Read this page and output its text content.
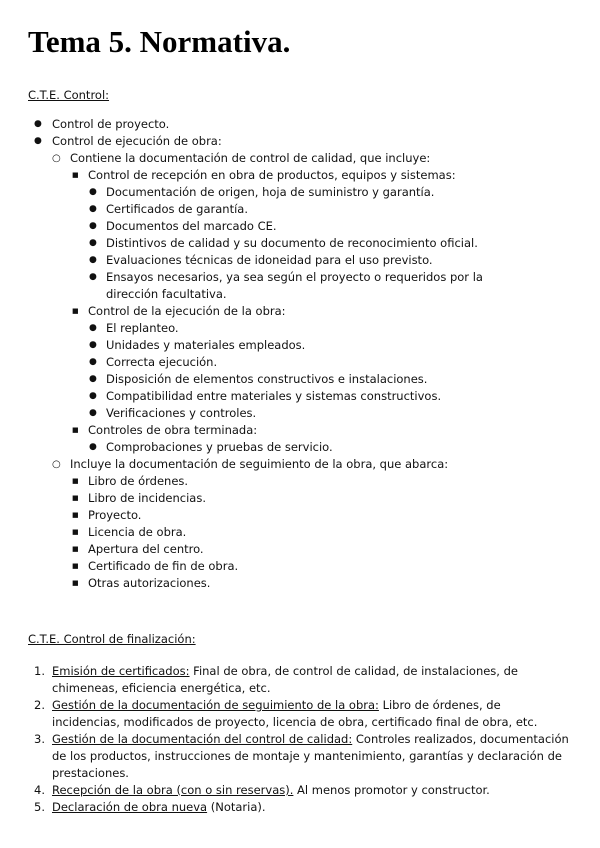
Tema 5. Normativa.

C.T.E. Control:

● Control de proyecto.
● Control de ejecución de obra:
○ Contiene la documentación de control de calidad, que incluye:
■ Control de recepción en obra de productos, equipos y sistemas:
● Documentación de origen, hoja de suministro y garantía.
● Certificados de garantía.
● Documentos del marcado CE.
● Distintivos de calidad y su documento de reconocimiento oficial.
● Evaluaciones técnicas de idoneidad para el uso previsto.
● Ensayos necesarios, ya sea según el proyecto o requeridos por la dirección facultativa.
■ Control de la ejecución de la obra:
● El replanteo.
● Unidades y materiales empleados.
● Correcta ejecución.
● Disposición de elementos constructivos e instalaciones.
● Compatibilidad entre materiales y sistemas constructivos.
● Verificaciones y controles.
■ Controles de obra terminada:
● Comprobaciones y pruebas de servicio.
○ Incluye la documentación de seguimiento de la obra, que abarca:
■ Libro de órdenes.
■ Libro de incidencias.
■ Proyecto.
■ Licencia de obra.
■ Apertura del centro.
■ Certificado de fin de obra.
■ Otras autorizaciones.

C.T.E. Control de finalización:

1. Emisión de certificados: Final de obra, de control de calidad, de instalaciones, de chimeneas, eficiencia energética, etc.
2. Gestión de la documentación de seguimiento de la obra: Libro de órdenes, de incidencias, modificados de proyecto, licencia de obra, certificado final de obra, etc.
3. Gestión de la documentación del control de calidad: Controles realizados, documentación de los productos, instrucciones de montaje y mantenimiento, garantías y declaración de prestaciones.
4. Recepción de la obra (con o sin reservas). Al menos promotor y constructor.
5. Declaración de obra nueva (Notaria).
